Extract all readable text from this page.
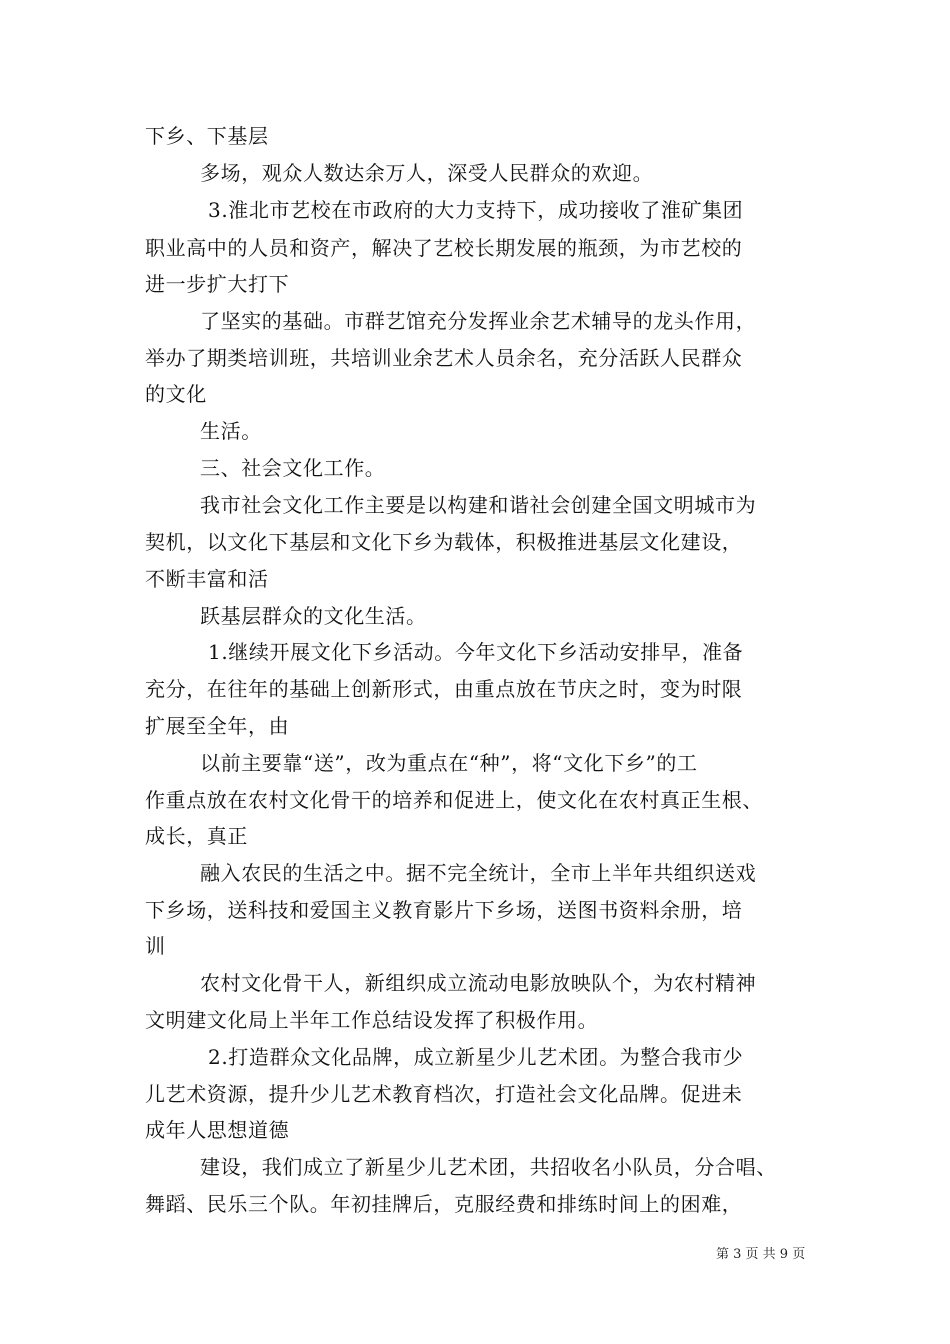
下乡、下基层
多场，观众人数达余万人，深受人民群众的欢迎。
3.淮北市艺校在市政府的大力支持下，成功接收了淮矿集团
职业高中的人员和资产，解决了艺校长期发展的瓶颈，为市艺校的
进一步扩大打下
了坚实的基础。市群艺馆充分发挥业余艺术辅导的龙头作用，
举办了期类培训班，共培训业余艺术人员余名，充分活跃人民群众
的文化
生活。
三、社会文化工作。
我市社会文化工作主要是以构建和谐社会创建全国文明城市为
契机，以文化下基层和文化下乡为载体，积极推进基层文化建设，
不断丰富和活
跃基层群众的文化生活。
1.继续开展文化下乡活动。今年文化下乡活动安排早，准备
充分，在往年的基础上创新形式，由重点放在节庆之时，变为时限
扩展至全年，由
以前主要靠“送”，改为重点在“种”，将“文化下乡”的工
作重点放在农村文化骨干的培养和促进上，使文化在农村真正生根、
成长，真正
融入农民的生活之中。据不完全统计，全市上半年共组织送戏
下乡场，送科技和爱国主义教育影片下乡场，送图书资料余册，培
训
农村文化骨干人，新组织成立流动电影放映队个，为农村精神
文明建文化局上半年工作总结设发挥了积极作用。
2.打造群众文化品牌，成立新星少儿艺术团。为整合我市少
儿艺术资源，提升少儿艺术教育档次，打造社会文化品牌。促进未
成年人思想道德
建设，我们成立了新星少儿艺术团，共招收名小队员，分合唱、
舞蹈、民乐三个队。年初挂牌后，克服经费和排练时间上的困难，
第 3 页 共 9 页
